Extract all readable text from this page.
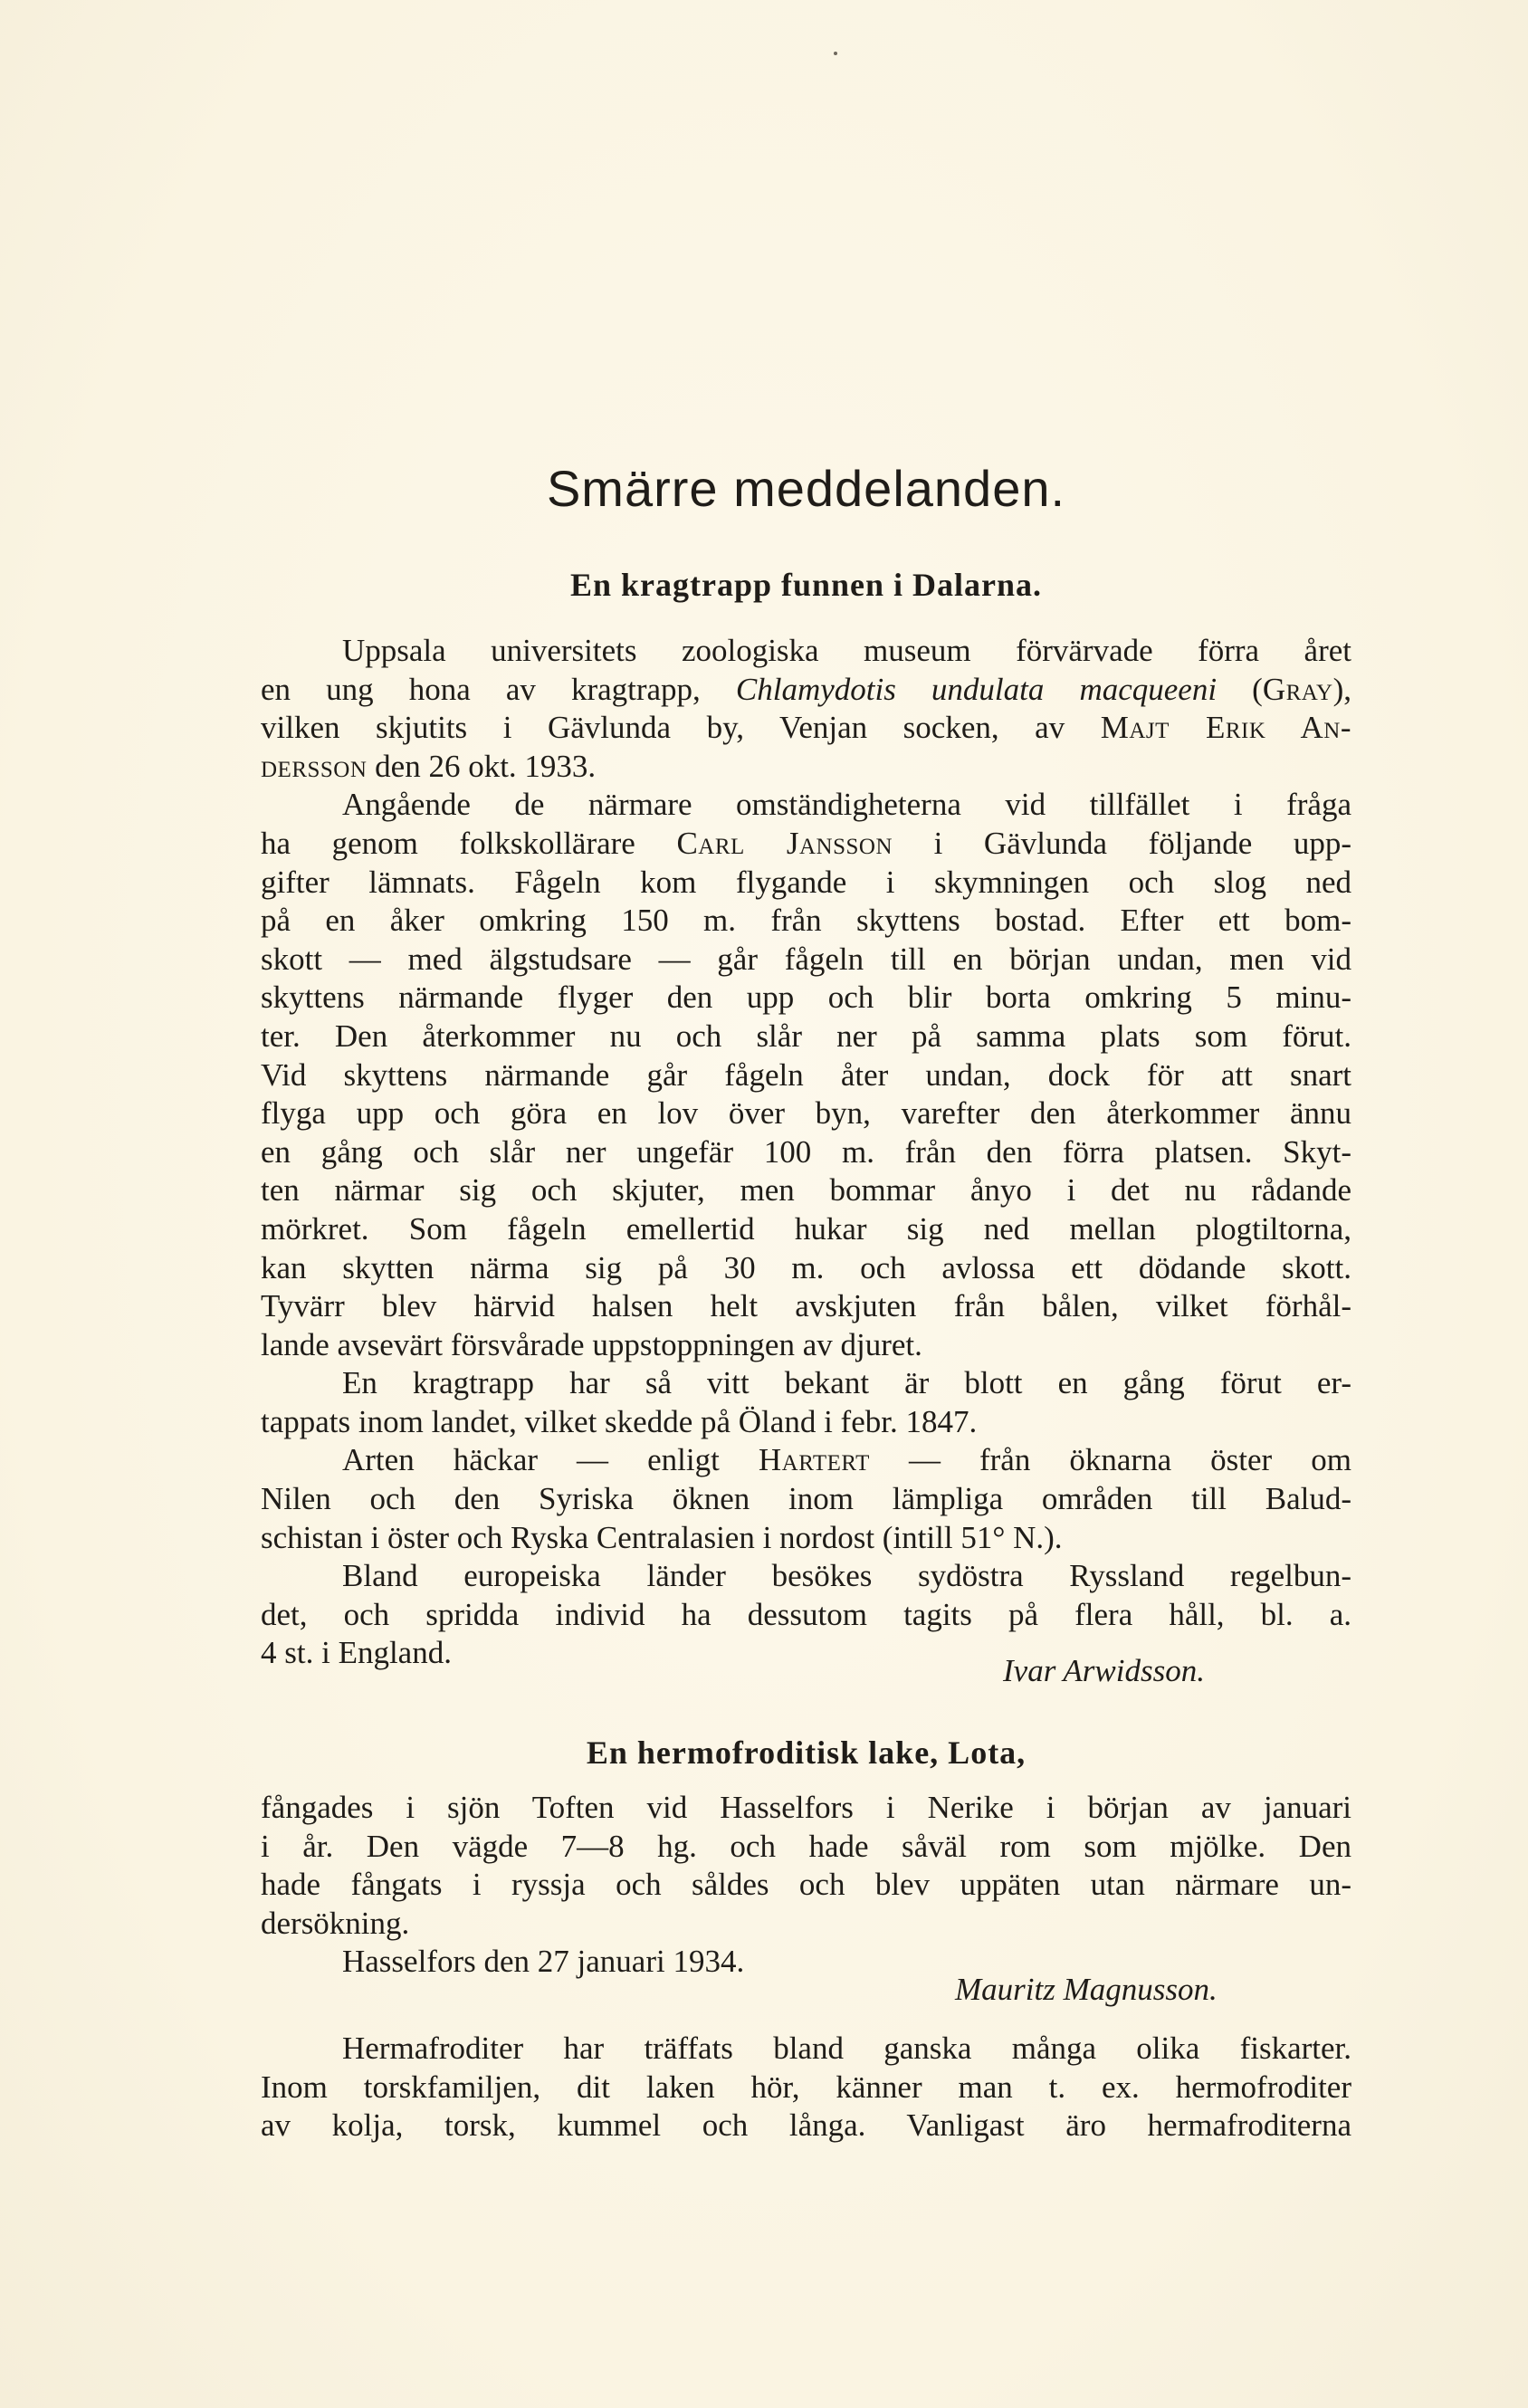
Smärre meddelanden.
En kragtrapp funnen i Dalarna.
Uppsala universitets zoologiska museum förvärvade förra året
en ung hona av kragtrapp, Chlamydotis undulata macqueeni (Gray),
vilken skjutits i Gävlunda by, Venjan socken, av Majt Erik An-
dersson den 26 okt. 1933.
Angående de närmare omständigheterna vid tillfället i fråga
ha genom folkskollärare Carl Jansson i Gävlunda följande upp-
gifter lämnats. Fågeln kom flygande i skymningen och slog ned
på en åker omkring 150 m. från skyttens bostad. Efter ett bom-
skott — med älgstudsare — går fågeln till en början undan, men vid
skyttens närmande flyger den upp och blir borta omkring 5 minu-
ter. Den återkommer nu och slår ner på samma plats som förut.
Vid skyttens närmande går fågeln åter undan, dock för att snart
flyga upp och göra en lov över byn, varefter den återkommer ännu
en gång och slår ner ungefär 100 m. från den förra platsen. Skyt-
ten närmar sig och skjuter, men bommar ånyo i det nu rådande
mörkret. Som fågeln emellertid hukar sig ned mellan plogtiltorna,
kan skytten närma sig på 30 m. och avlossa ett dödande skott.
Tyvärr blev härvid halsen helt avskjuten från bålen, vilket förhål-
lande avsevärt försvårade uppstoppningen av djuret.
En kragtrapp har så vitt bekant är blott en gång förut er-
tappats inom landet, vilket skedde på Öland i febr. 1847.
Arten häckar — enligt Hartert — från öknarna öster om
Nilen och den Syriska öknen inom lämpliga områden till Balud-
schistan i öster och Ryska Centralasien i nordost (intill 51° N.).
Bland europeiska länder besökes sydöstra Ryssland regelbun-
det, och spridda individ ha dessutom tagits på flera håll, bl. a.
4 st. i England.
En hermofroditisk lake, Lota,
fångades i sjön Toften vid Hasselfors i Nerike i början av januari
i år. Den vägde 7—8 hg. och hade såväl rom som mjölke. Den
hade fångats i ryssja och såldes och blev uppäten utan närmare un-
dersökning.
Hasselfors den 27 januari 1934.
Hermafroditer har träffats bland ganska många olika fiskarter.
Inom torskfamiljen, dit laken hör, känner man t. ex. hermofroditer
av kolja, torsk, kummel och långa. Vanligast äro hermafroditerna
Ivar Arwidsson.
Mauritz Magnusson.
